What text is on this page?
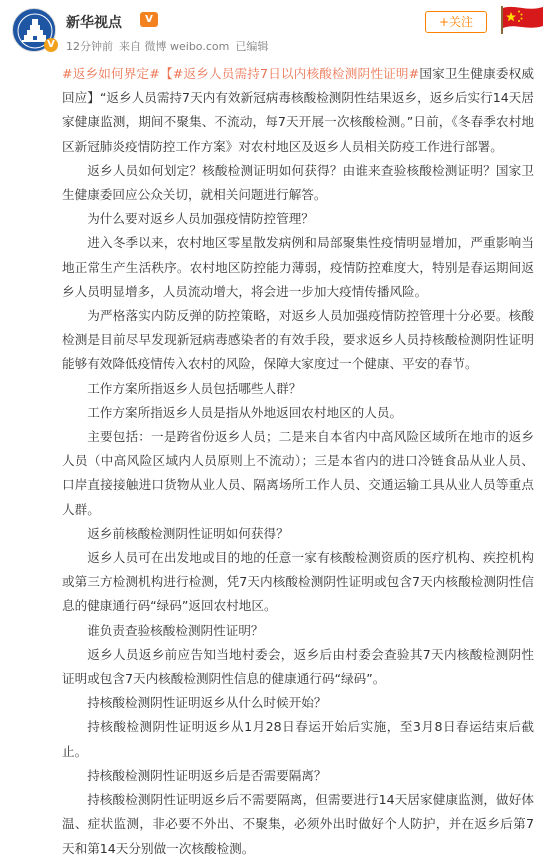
V
新华视点	V
12分钟前 来自 微博 weibo.com 已编辑
+关注

#返乡如何界定#【#返乡人员需持7日以内核酸检测阴性证明#国家卫生健康委权威回应】“返乡人员需持7天内有效新冠病毒核酸检测阴性结果返乡，返乡后实行14天居家健康监测，期间不聚集、不流动，每7天开展一次核酸检测。”日前，《冬春季农村地区新冠肺炎疫情防控工作方案》对农村地区及返乡人员相关防疫工作进行部署。

返乡人员如何划定？核酸检测证明如何获得？由谁来查验核酸检测证明？国家卫生健康委回应公众关切，就相关问题进行解答。

为什么要对返乡人员加强疫情防控管理？

进入冬季以来，农村地区零星散发病例和局部聚集性疫情明显增加，严重影响当地正常生产生活秩序。农村地区防控能力薄弱，疫情防控难度大，特别是春运期间返乡人员明显增多，人员流动增大，将会进一步加大疫情传播风险。

为严格落实内防反弹的防控策略，对返乡人员加强疫情防控管理十分必要。核酸检测是目前尽早发现新冠病毒感染者的有效手段，要求返乡人员持核酸检测阴性证明能够有效降低疫情传入农村的风险，保障大家度过一个健康、平安的春节。

工作方案所指返乡人员包括哪些人群？

工作方案所指返乡人员是指从外地返回农村地区的人员。

主要包括：一是跨省份返乡人员；二是来自本省内中高风险区域所在地市的返乡人员（中高风险区域内人员原则上不流动）；三是本省内的进口冷链食品从业人员、口岸直接接触进口货物从业人员、隔离场所工作人员、交通运输工具从业人员等重点人群。

返乡前核酸检测阴性证明如何获得？

返乡人员可在出发地或目的地的任意一家有核酸检测资质的医疗机构、疾控机构或第三方检测机构进行检测，凭7天内核酸检测阴性证明或包含7天内核酸检测阴性信息的健康通行码“绿码”返回农村地区。

谁负责查验核酸检测阴性证明？

返乡人员返乡前应告知当地村委会，返乡后由村委会查验其7天内核酸检测阴性证明或包含7天内核酸检测阴性信息的健康通行码“绿码”。

持核酸检测阴性证明返乡从什么时候开始？

持核酸检测阴性证明返乡从1月28日春运开始后实施，至3月8日春运结束后截止。

持核酸检测阴性证明返乡后是否需要隔离？

持核酸检测阴性证明返乡后不需要隔离，但需要进行14天居家健康监测，做好体温、症状监测，非必要不外出、不聚集，必须外出时做好个人防护，并在返乡后第7天和第14天分别做一次核酸检测。
